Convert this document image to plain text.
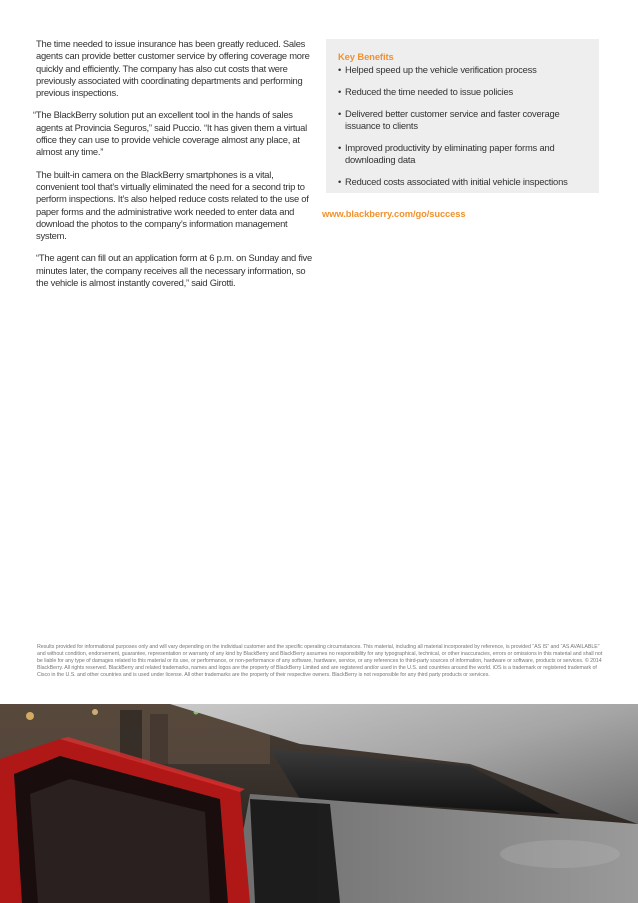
The time needed to issue insurance has been greatly reduced. Sales agents can provide better customer service by offering coverage more quickly and efficiently. The company has also cut costs that were previously associated with coordinating departments and performing previous inspections.

“The BlackBerry solution put an excellent tool in the hands of sales agents at Provincia Seguros,” said Puccio. “It has given them a virtual office they can use to provide vehicle coverage almost any place, at almost any time.”

The built-in camera on the BlackBerry smartphones is a vital, convenient tool that’s virtually eliminated the need for a second trip to perform inspections. It’s also helped reduce costs related to the use of paper forms and the administrative work needed to enter data and download the photos to the company’s information management system.

“The agent can fill out an application form at 6 p.m. on Sunday and five minutes later, the company receives all the necessary information, so the vehicle is almost instantly covered,” said Girotti.

Key Benefits
• Helped speed up the vehicle verification process
• Reduced the time needed to issue policies
• Delivered better customer service and faster coverage issuance to clients
• Improved productivity by eliminating paper forms and downloading data
• Reduced costs associated with initial vehicle inspections
www.blackberry.com/go/success
Results provided for informational purposes only and will vary depending on the individual customer and the specific operating circumstances. This material, including all material incorporated by reference, is provided “AS IS” and “AS AVAILABLE” and without condition, endorsement, guarantee, representation or warranty of any kind by BlackBerry and BlackBerry assumes no responsibility for any typographical, technical, or other inaccuracies, errors or omissions in this material and shall not be liable for any type of damages related to this material or its use, or performance, or non-performance of any software, hardware, service, or any references to third-party sources of information, hardware or software, products or services. © 2014 BlackBerry. All rights reserved. BlackBerry and related trademarks, names and logos are the property of BlackBerry Limited and are registered and/or used in the U.S. and countries around the world. iOS is a trademark or registered trademark of Cisco in the U.S. and other countries and is used under license. All other trademarks are the property of their respective owners. BlackBerry is not responsible for any third party products or services.
